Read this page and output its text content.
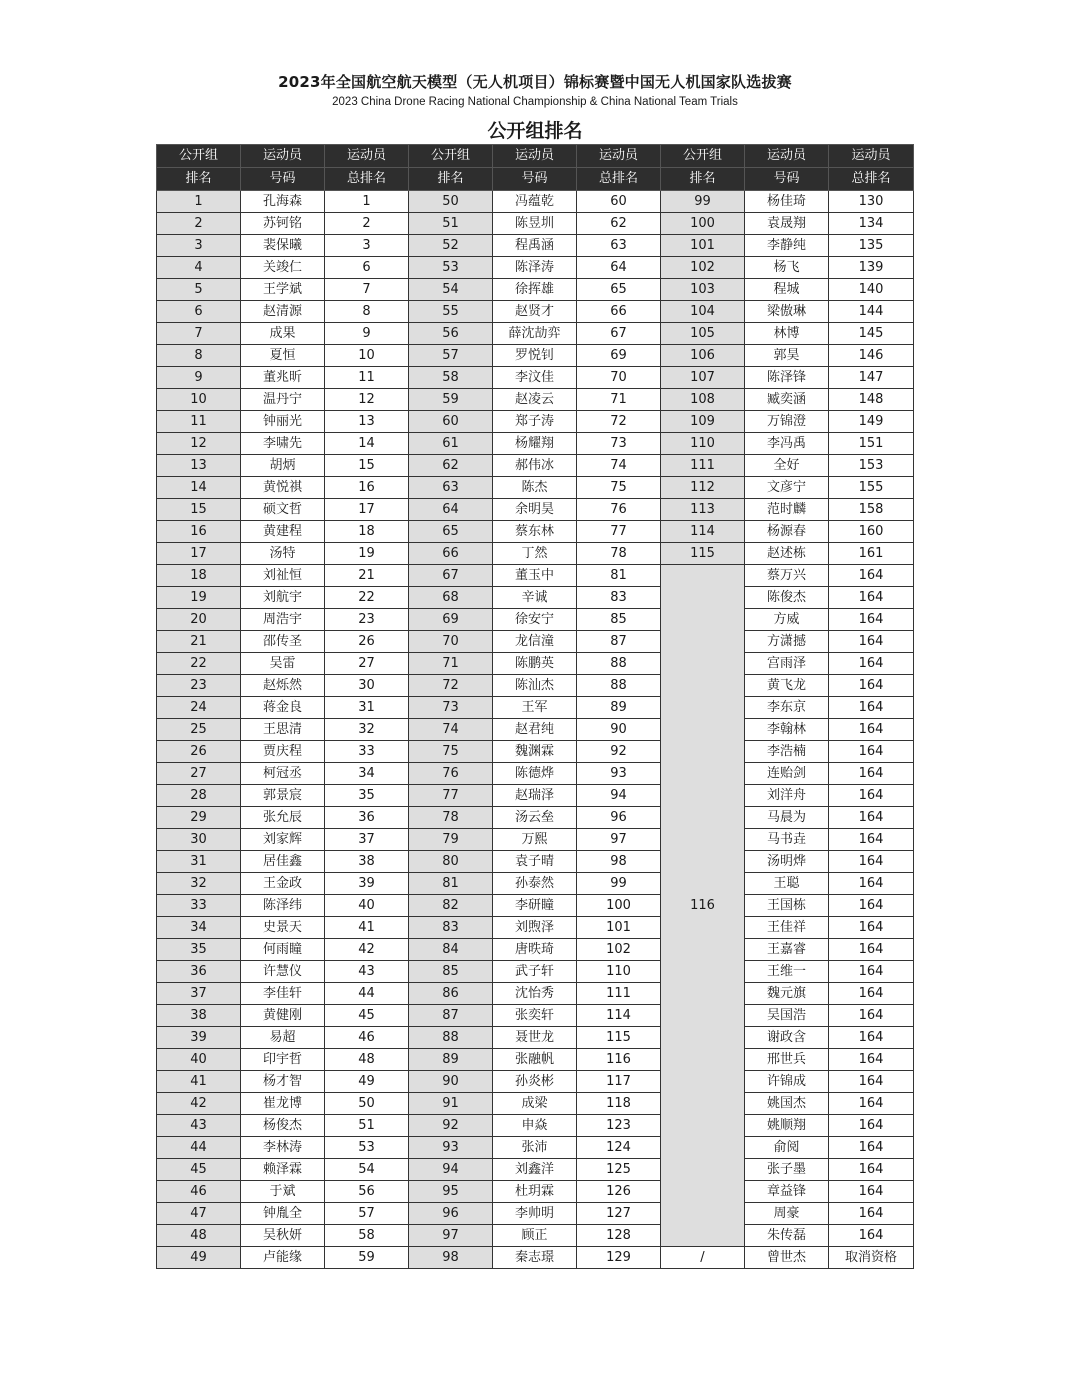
2023年全国航空航天模型（无人机项目）锦标赛暨中国无人机国家队选拔赛
2023 China Drone Racing National Championship & China National Team Trials
公开组排名
公开组	运动员	运动员	公开组	运动员	运动员	公开组	运动员	运动员
排名	号码	总排名	排名	号码	总排名	排名	号码	总排名
1	孔海森	1	50	冯蕴乾	60	99	杨佳琦	130
2	苏钶铭	2	51	陈昱圳	62	100	袁晟翔	134
3	裴保曦	3	52	程禹涵	63	101	李静纯	135
4	关竣仁	6	53	陈泽涛	64	102	杨飞	139
5	王学斌	7	54	徐挥雄	65	103	程城	140
6	赵清源	8	55	赵贤才	66	104	梁傲琳	144
7	成果	9	56	薛沈劼弈	67	105	林博	145
8	夏恒	10	57	罗悦钊	69	106	郭昊	146
9	董兆昕	11	58	李汶佳	70	107	陈泽锋	147
10	温丹宁	12	59	赵凌云	71	108	臧奕涵	148
11	钟丽光	13	60	郑子涛	72	109	万锦澄	149
12	李啸先	14	61	杨耀翔	73	110	李冯禹	151
13	胡炳	15	62	郝伟冰	74	111	全好	153
14	黄悦祺	16	63	陈杰	75	112	文彦宁	155
15	硕文哲	17	64	余明昊	76	113	范时麟	158
16	黄建程	18	65	蔡东林	77	114	杨源春	160
17	汤特	19	66	丁然	78	115	赵述栋	161
18	刘祉恒	21	67	董玉中	81	116	蔡万兴	164
19	刘航宇	22	68	辛诚	83		陈俊杰	164
20	周浩宇	23	69	徐安宁	85		方威	164
21	邵传圣	26	70	龙信潼	87		方潇撼	164
22	吴雷	27	71	陈鹏英	88		宫雨泽	164
23	赵烁然	30	72	陈汕杰	88		黄飞龙	164
24	蒋金良	31	73	王军	89		李东京	164
25	王思清	32	74	赵君纯	90		李翰林	164
26	贾庆程	33	75	魏渊霖	92		李浩楠	164
27	柯冠丞	34	76	陈德烨	93		连贻剑	164
28	郭景宸	35	77	赵瑞泽	94		刘洋舟	164
29	张允辰	36	78	汤云垒	96		马晨为	164
30	刘家辉	37	79	万熙	97		马书垚	164
31	居佳鑫	38	80	袁子晴	98		汤明烨	164
32	王金政	39	81	孙泰然	99		王聪	164
33	陈泽纬	40	82	李研瞳	100		王国栋	164
34	史景天	41	83	刘煦泽	101		王佳祥	164
35	何雨瞳	42	84	唐昳琦	102		王嘉睿	164
36	许慧仪	43	85	武子轩	110		王维一	164
37	李佳轩	44	86	沈怡秀	111		魏元旗	164
38	黄健刚	45	87	张奕轩	114		吴国浩	164
39	易超	46	88	聂世龙	115		谢政含	164
40	印宇哲	48	89	张融帆	116		邢世兵	164
41	杨才智	49	90	孙炎彬	117		许锦成	164
42	崔龙博	50	91	成梁	118		姚国杰	164
43	杨俊杰	51	92	申焱	123		姚顺翔	164
44	李林涛	53	93	张沛	124		俞阅	164
45	赖泽霖	54	94	刘鑫洋	125		张子墨	164
46	于斌	56	95	杜玥霖	126		章益锋	164
47	钟胤全	57	96	李帅明	127		周豪	164
48	吴秋妍	58	97	顾正	128		朱传磊	164
49	卢能缘	59	98	秦志璟	129	/	曾世杰	取消资格
